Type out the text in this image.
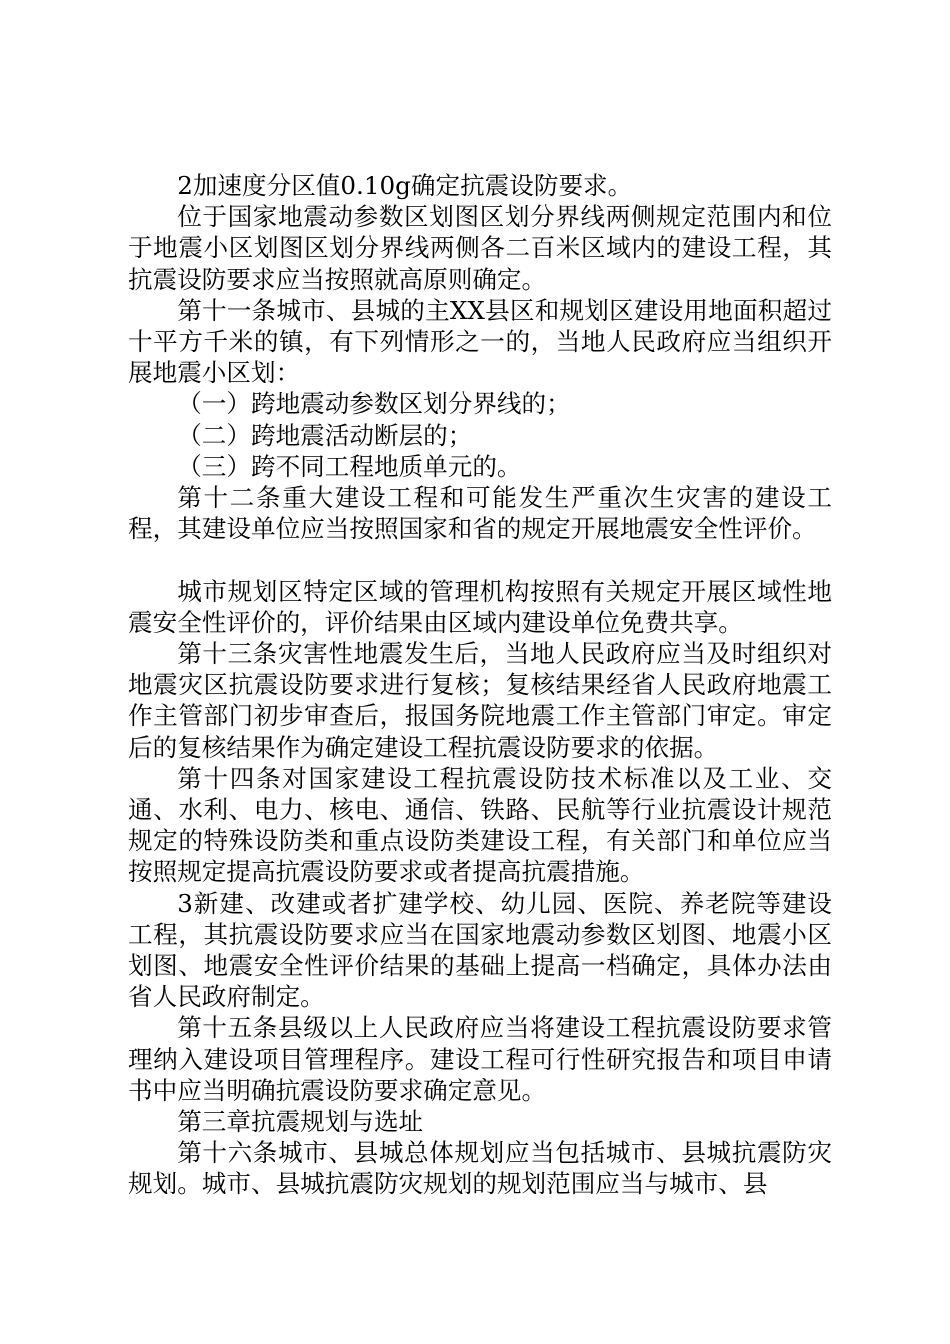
2加速度分区值0.10g确定抗震设防要求。

位于国家地震动参数区划图区划分界线两侧规定范围内和位于地震小区划图区划分界线两侧各二百米区域内的建设工程，其抗震设防要求应当按照就高原则确定。

第十一条城市、县城的主XX县区和规划区建设用地面积超过十平方千米的镇，有下列情形之一的，当地人民政府应当组织开展地震小区划：

（一）跨地震动参数区划分界线的；

（二）跨地震活动断层的；

（三）跨不同工程地质单元的。

第十二条重大建设工程和可能发生严重次生灾害的建设工程，其建设单位应当按照国家和省的规定开展地震安全性评价。

城市规划区特定区域的管理机构按照有关规定开展区域性地震安全性评价的，评价结果由区域内建设单位免费共享。

第十三条灾害性地震发生后，当地人民政府应当及时组织对地震灾区抗震设防要求进行复核；复核结果经省人民政府地震工作主管部门初步审查后，报国务院地震工作主管部门审定。审定后的复核结果作为确定建设工程抗震设防要求的依据。

第十四条对国家建设工程抗震设防技术标准以及工业、交通、水利、电力、核电、通信、铁路、民航等行业抗震设计规范规定的特殊设防类和重点设防类建设工程，有关部门和单位应当按照规定提高抗震设防要求或者提高抗震措施。

3新建、改建或者扩建学校、幼儿园、医院、养老院等建设工程，其抗震设防要求应当在国家地震动参数区划图、地震小区划图、地震安全性评价结果的基础上提高一档确定，具体办法由省人民政府制定。

第十五条县级以上人民政府应当将建设工程抗震设防要求管理纳入建设项目管理程序。建设工程可行性研究报告和项目申请书中应当明确抗震设防要求确定意见。

第三章抗震规划与选址

第十六条城市、县城总体规划应当包括城市、县城抗震防灾规划。城市、县城抗震防灾规划的规划范围应当与城市、县
